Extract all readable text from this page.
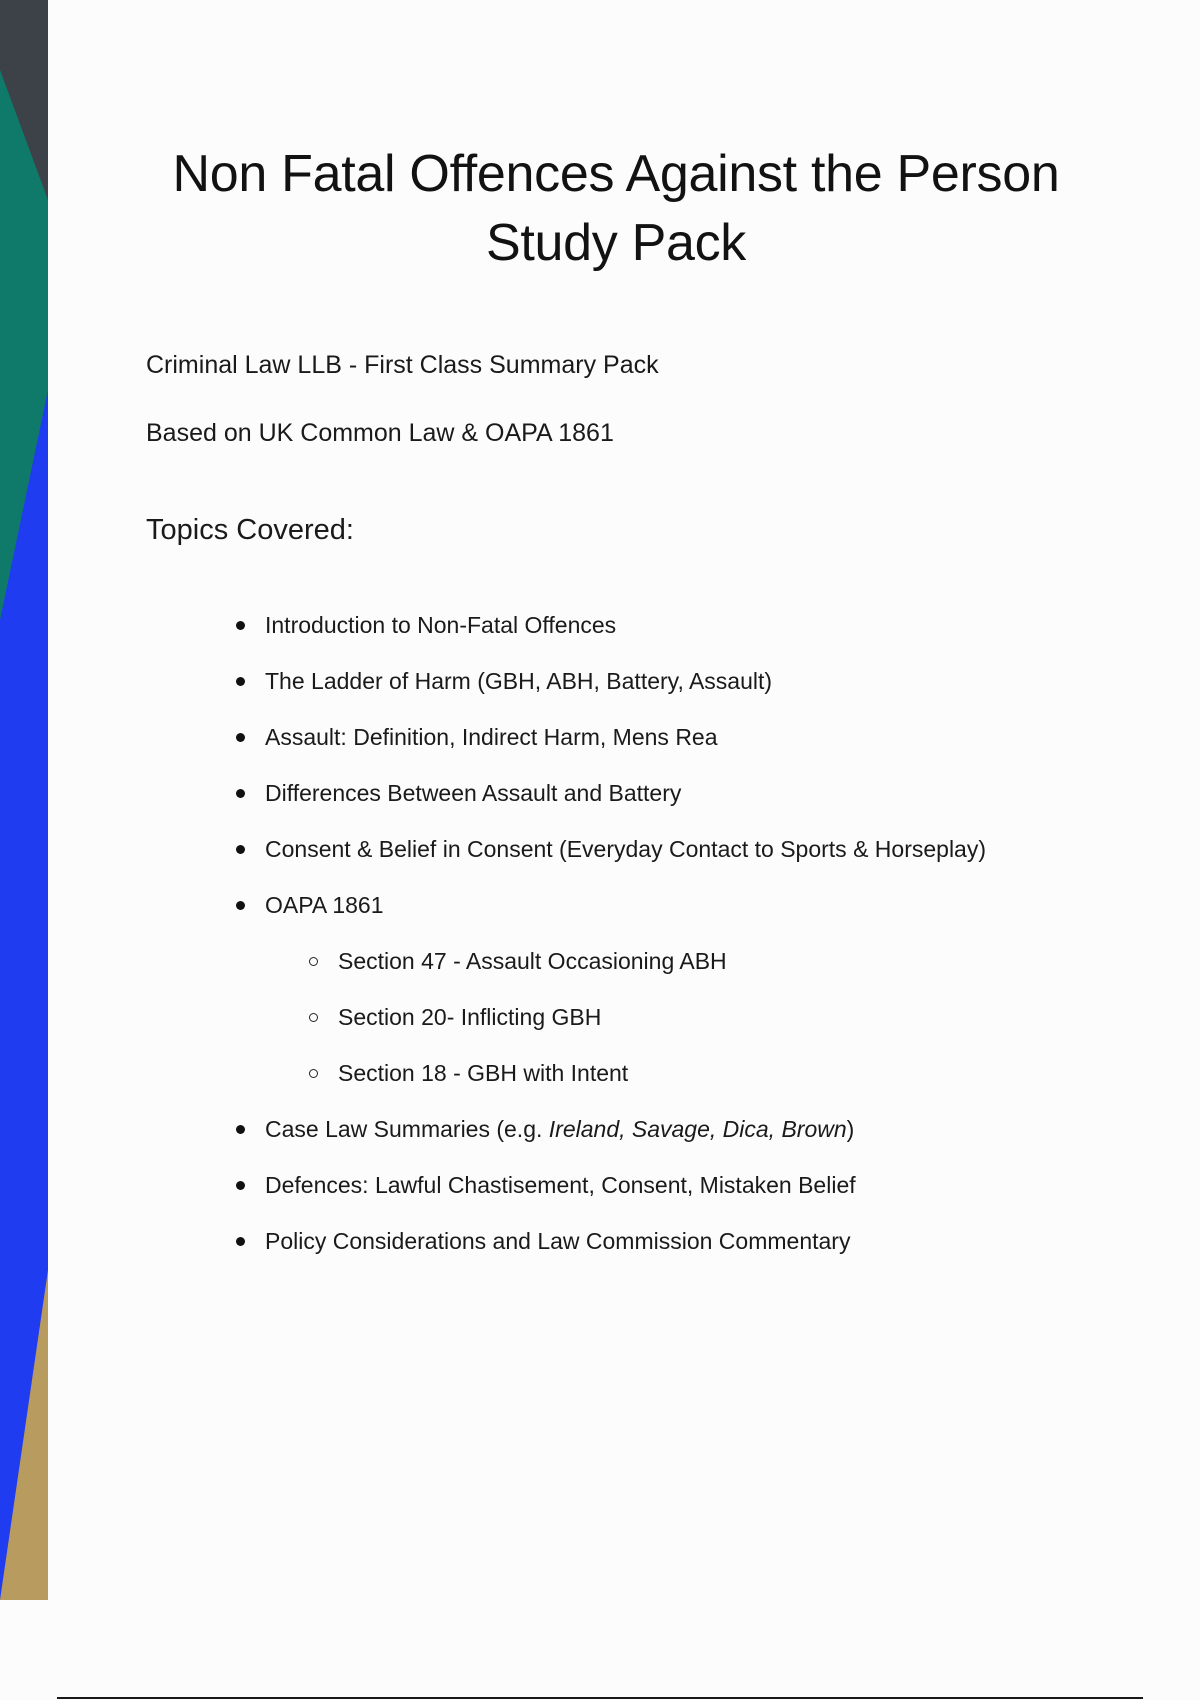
Non Fatal Offences Against the Person
Study Pack

Criminal Law LLB - First Class Summary Pack

Based on UK Common Law & OAPA 1861

Topics Covered:
Introduction to Non-Fatal Offences
The Ladder of Harm (GBH, ABH, Battery, Assault)
Assault: Definition, Indirect Harm, Mens Rea
Differences Between Assault and Battery
Consent & Belief in Consent (Everyday Contact to Sports & Horseplay)
OAPA 1861
Section 47 - Assault Occasioning ABH
Section 20- Inflicting GBH
Section 18 - GBH with Intent
Case Law Summaries (e.g. Ireland, Savage, Dica, Brown)
Defences: Lawful Chastisement, Consent, Mistaken Belief
Policy Considerations and Law Commission Commentary
